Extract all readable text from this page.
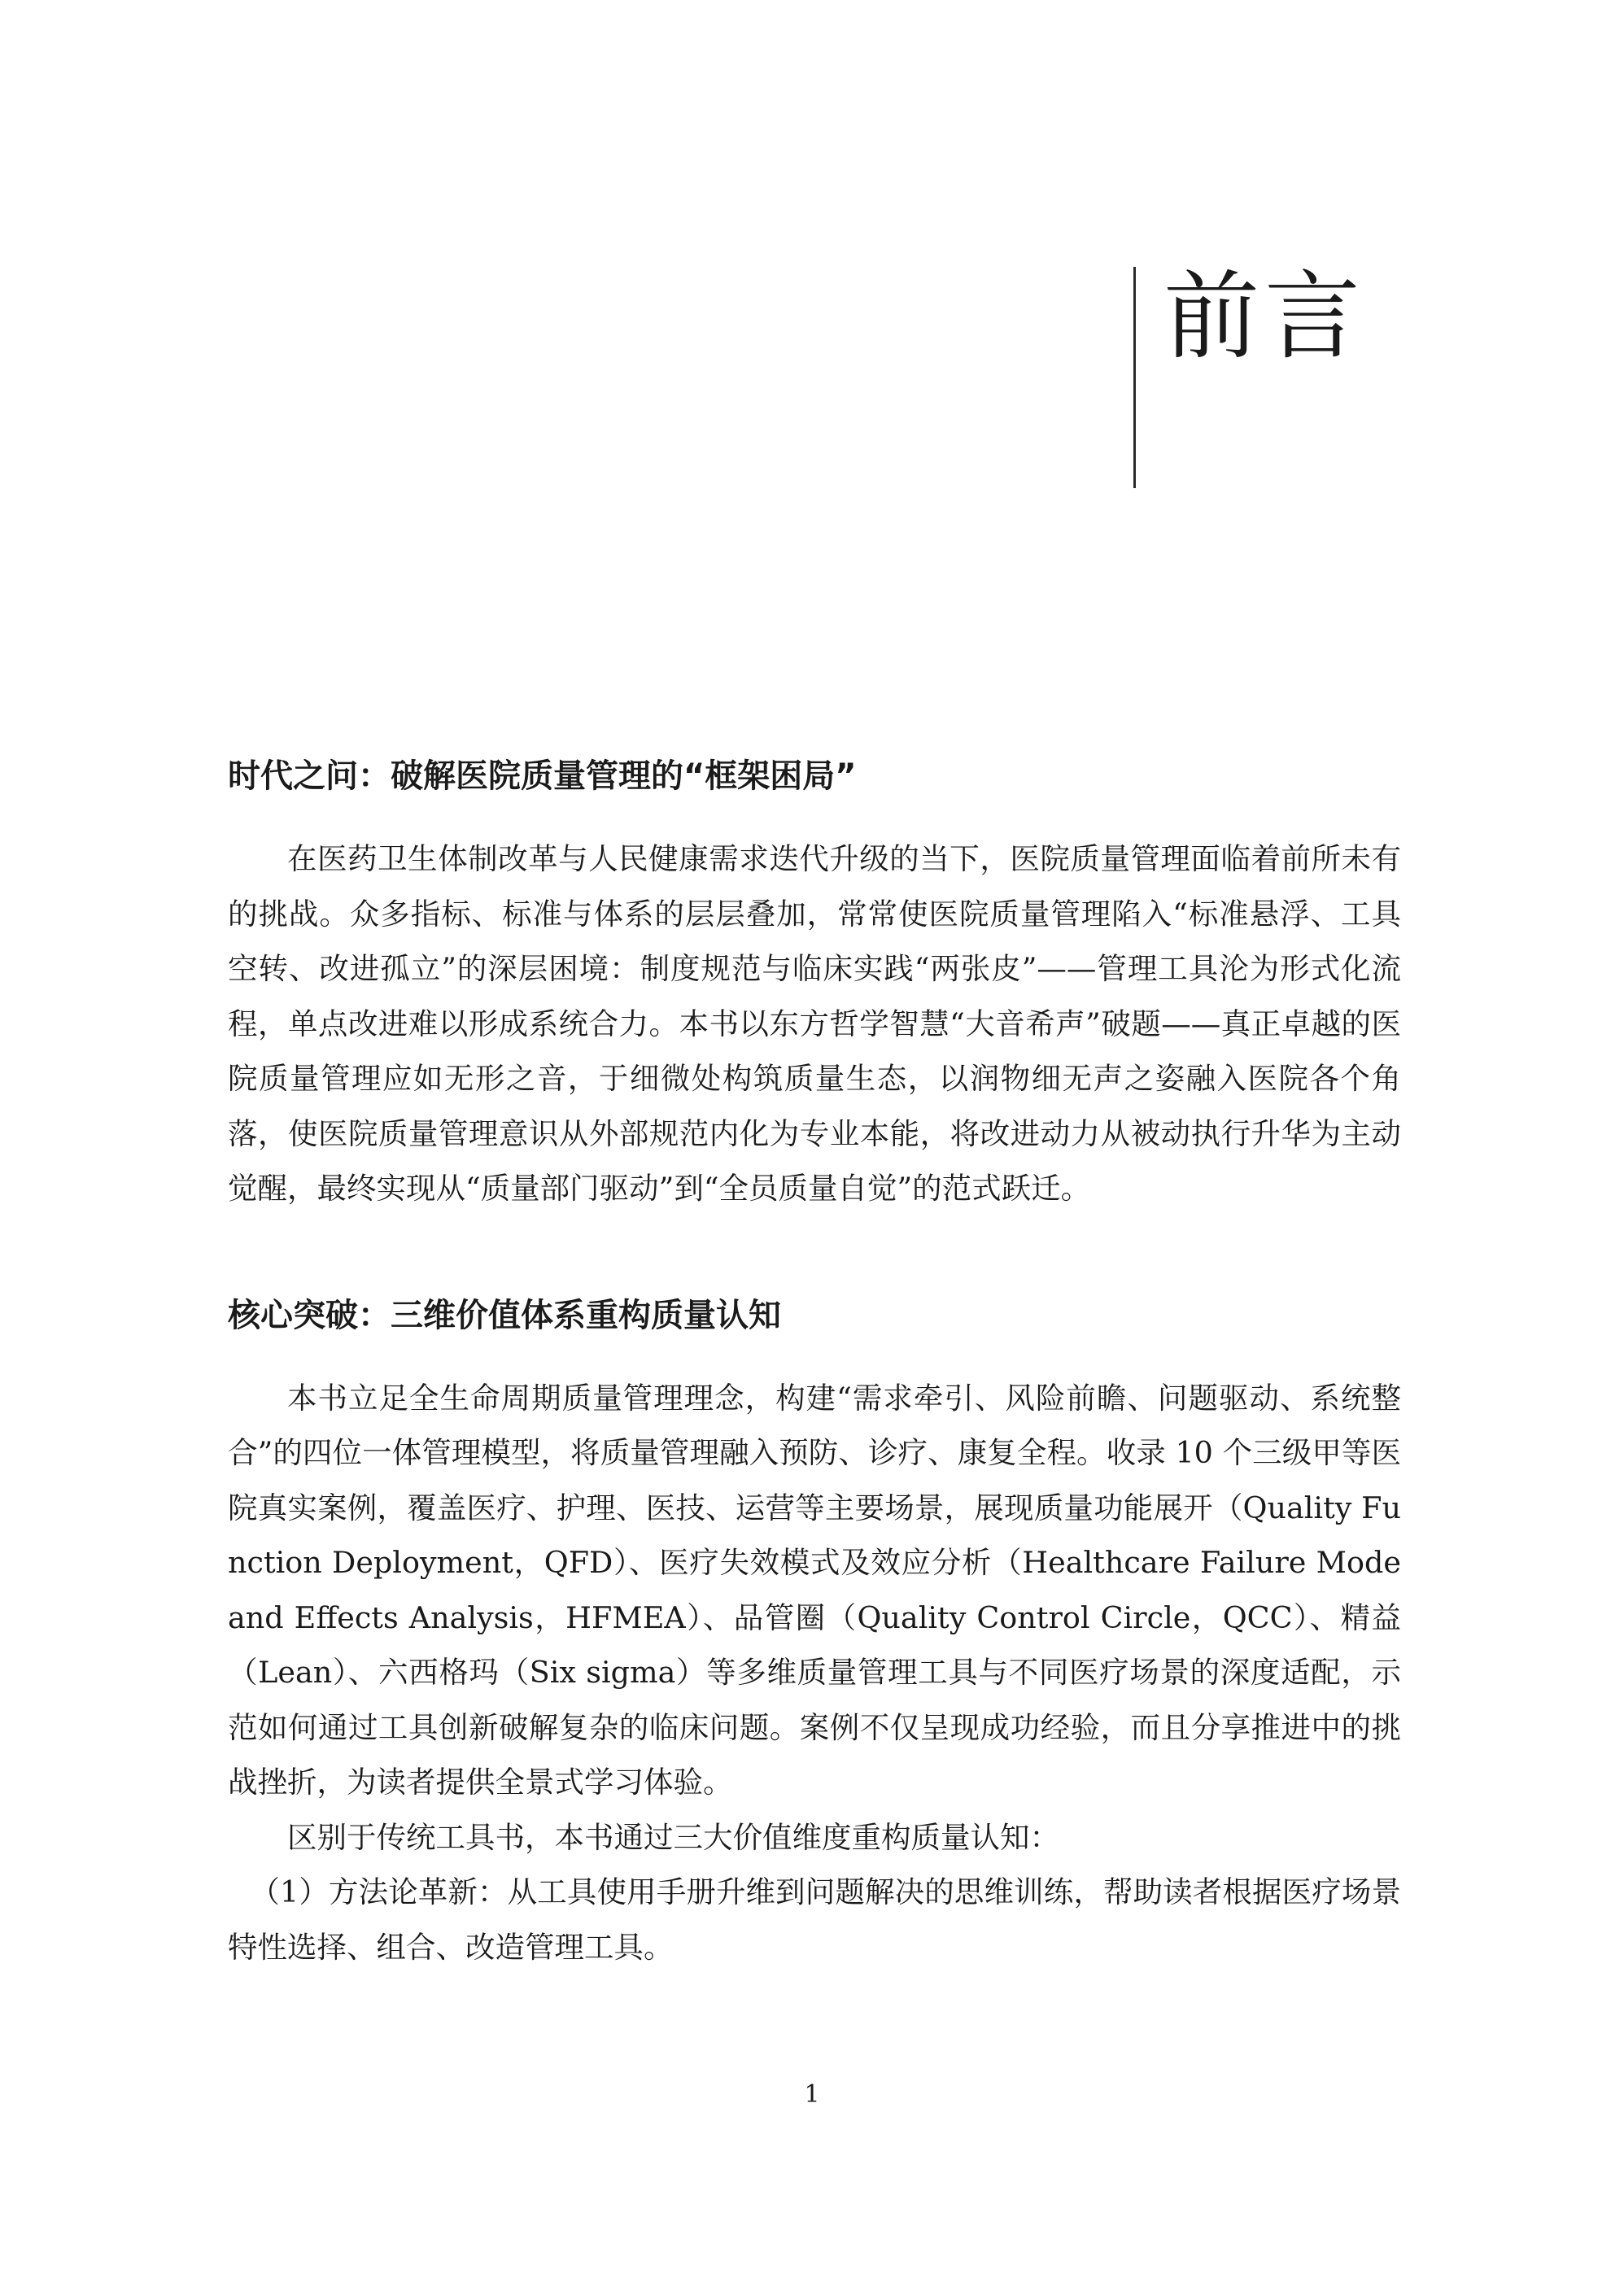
前言
时代之问：破解医院质量管理的“框架困局”

在医药卫生体制改革与人民健康需求迭代升级的当下，医院质量管理面临着前所未有的挑战。众多指标、标准与体系的层层叠加，常常使医院质量管理陷入“标准悬浮、工具空转、改进孤立”的深层困境：制度规范与临床实践“两张皮”——管理工具沦为形式化流程，单点改进难以形成系统合力。本书以东方哲学智慧“大音希声”破题——真正卓越的医院质量管理应如无形之音，于细微处构筑质量生态，以润物细无声之姿融入医院各个角落，使医院质量管理意识从外部规范内化为专业本能，将改进动力从被动执行升华为主动觉醒，最终实现从“质量部门驱动”到“全员质量自觉”的范式跃迁。

核心突破：三维价值体系重构质量认知

本书立足全生命周期质量管理理念，构建“需求牵引、风险前瞻、问题驱动、系统整合”的四位一体管理模型，将质量管理融入预防、诊疗、康复全程。收录 10 个三级甲等医院真实案例，覆盖医疗、护理、医技、运营等主要场景，展现质量功能展开（Quality Function Deployment，QFD）、医疗失效模式及效应分析（Healthcare Failure Mode and Effects Analysis，HFMEA）、品管圈（Quality Control Circle，QCC）、精益（Lean）、六西格玛（Six sigma）等多维质量管理工具与不同医疗场景的深度适配，示范如何通过工具创新破解复杂的临床问题。案例不仅呈现成功经验，而且分享推进中的挑战挫折，为读者提供全景式学习体验。

区别于传统工具书，本书通过三大价值维度重构质量认知：

（1）方法论革新：从工具使用手册升维到问题解决的思维训练，帮助读者根据医疗场景特性选择、组合、改造管理工具。

1
